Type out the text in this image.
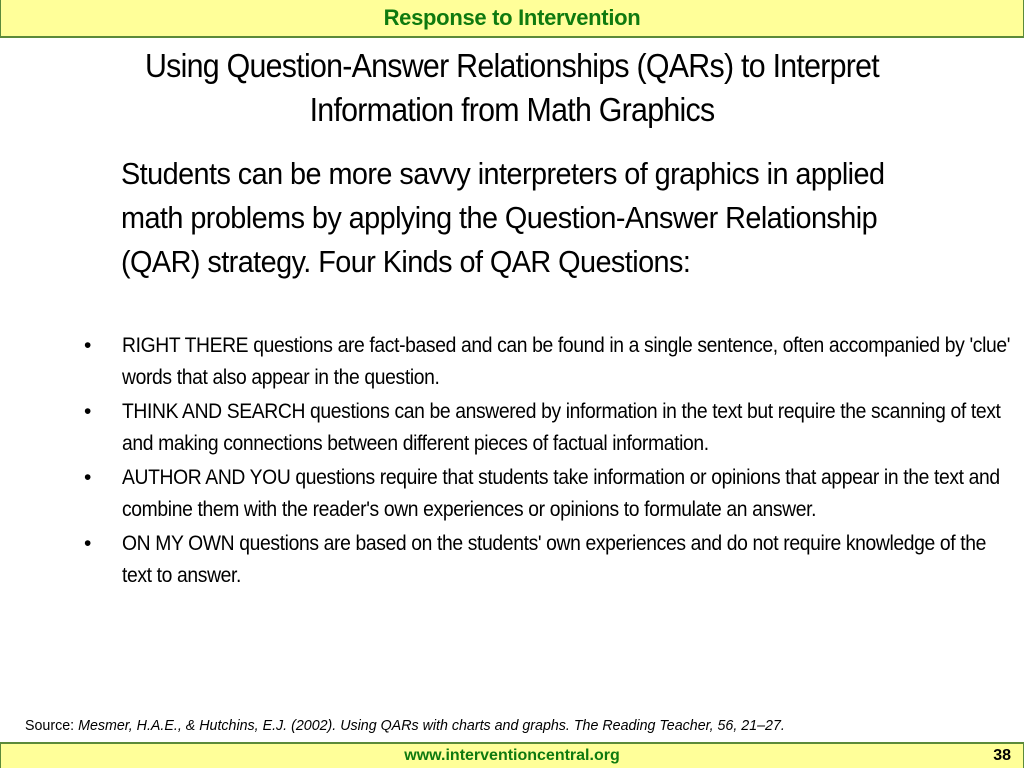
Response to Intervention
Using Question-Answer Relationships (QARs) to Interpret
Information from Math Graphics
Students can be more savvy interpreters of graphics in applied math problems by applying the Question-Answer Relationship (QAR) strategy. Four Kinds of QAR Questions:
• RIGHT THERE questions are fact-based and can be found in a single sentence, often accompanied by 'clue' words that also appear in the question.
• THINK AND SEARCH questions can be answered by information in the text but require the scanning of text and making connections between different pieces of factual information.
• AUTHOR AND YOU questions require that students take information or opinions that appear in the text and combine them with the reader's own experiences or opinions to formulate an answer.
• ON MY OWN questions are based on the students' own experiences and do not require knowledge of the text to answer.
Source: Mesmer, H.A.E., & Hutchins, E.J. (2002). Using QARs with charts and graphs. The Reading Teacher, 56, 21–27.
www.interventioncentral.org	38
